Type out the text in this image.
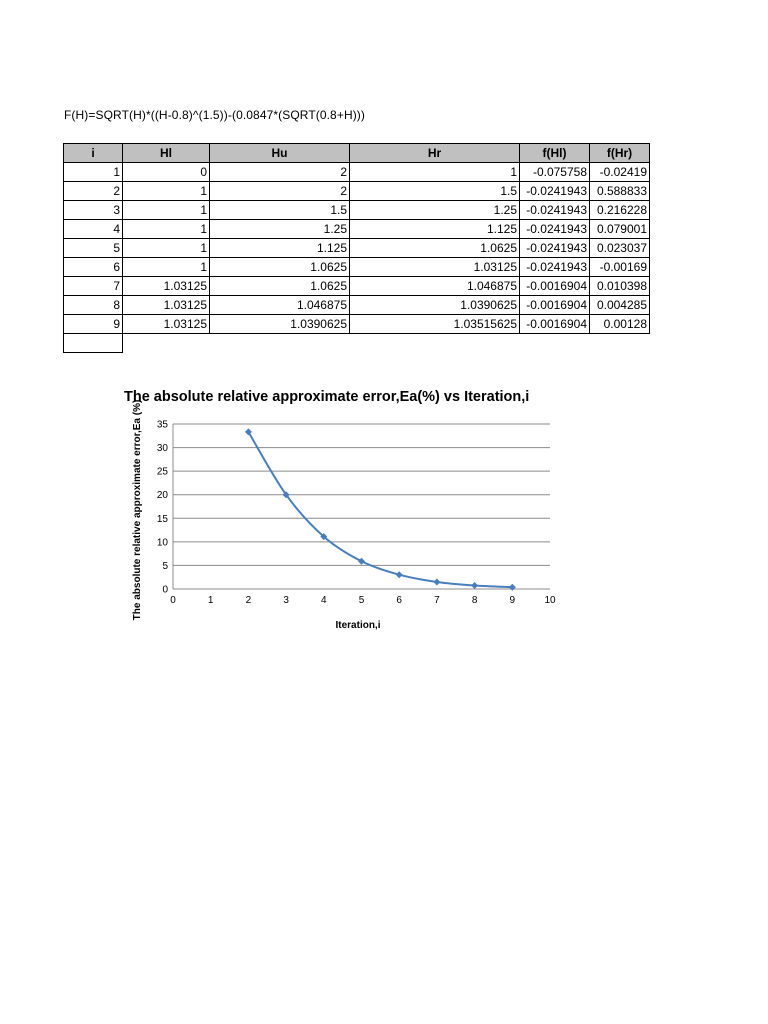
F(H)=SQRT(H)*((H-0.8)^(1.5))-(0.0847*(SQRT(0.8+H)))
i	Hl	Hu	Hr	f(Hl)	f(Hr)
1	0	2	1	-0.075758	-0.02419
2	1	2	1.5	-0.0241943	0.588833
3	1	1.5	1.25	-0.0241943	0.216228
4	1	1.25	1.125	-0.0241943	0.079001
5	1	1.125	1.0625	-0.0241943	0.023037
6	1	1.0625	1.03125	-0.0241943	-0.00169
7	1.03125	1.0625	1.046875	-0.0016904	0.010398
8	1.03125	1.046875	1.0390625	-0.0016904	0.004285
9	1.03125	1.0390625	1.03515625	-0.0016904	0.00128

The absolute relative approximate error,Ea(%) vs Iteration,i
0
5
10
15
20
25
30
35
0	1	2	3	4	5	6	7	8	9	10
Iteration,i
The absolute relative approximate error,Ea (%)
